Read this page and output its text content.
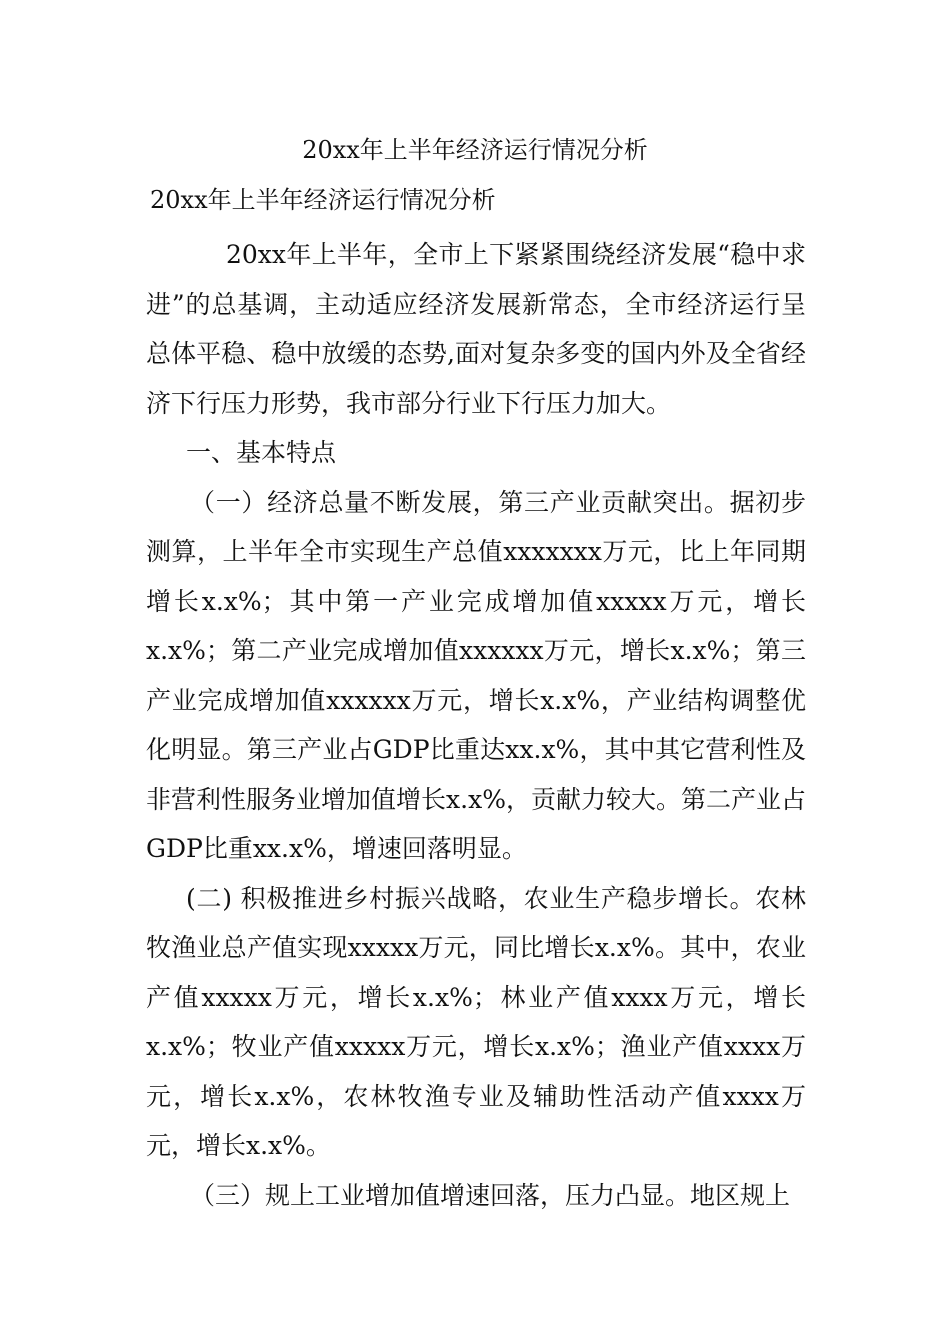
20xx年上半年经济运行情况分析
20xx年上半年经济运行情况分析

20xx年上半年，全市上下紧紧围绕经济发展“稳中求进”的总基调，主动适应经济发展新常态，全市经济运行呈总体平稳、稳中放缓的态势,面对复杂多变的国内外及全省经济下行压力形势，我市部分行业下行压力加大。

一、基本特点

（一）经济总量不断发展，第三产业贡献突出。据初步测算，上半年全市实现生产总值xxxxxxx万元，比上年同期增长x.x%；其中第一产业完成增加值xxxxx万元，增长x.x%；第二产业完成增加值xxxxxx万元，增长x.x%；第三产业完成增加值xxxxxx万元，增长x.x%，产业结构调整优化明显。第三产业占GDP比重达xx.x%，其中其它营利性及非营利性服务业增加值增长x.x%，贡献力较大。第二产业占GDP比重xx.x%，增速回落明显。

(二) 积极推进乡村振兴战略，农业生产稳步增长。农林牧渔业总产值实现xxxxx万元，同比增长x.x%。其中，农业产值xxxxx万元，增长x.x%；林业产值xxxx万元，增长x.x%；牧业产值xxxxx万元，增长x.x%；渔业产值xxxx万元，增长x.x%，农林牧渔专业及辅助性活动产值xxxx万元，增长x.x%。

（三）规上工业增加值增速回落，压力凸显。地区规上
